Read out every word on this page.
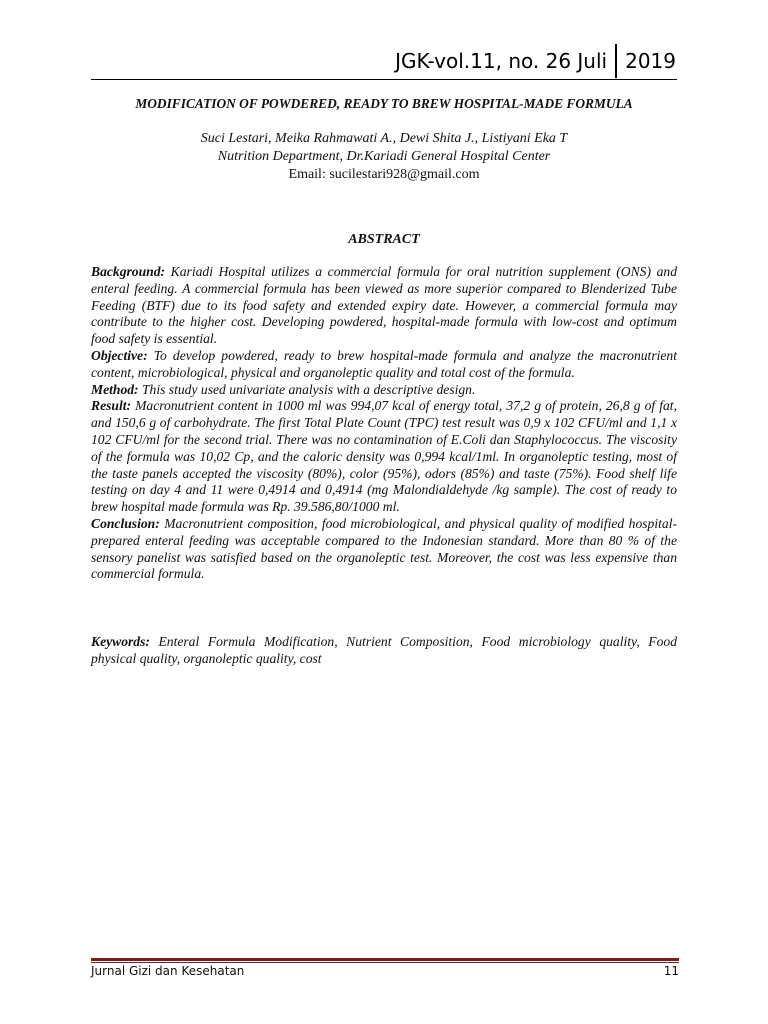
JGK-vol.11, no. 26 Juli 2019
MODIFICATION OF POWDERED, READY TO BREW HOSPITAL-MADE FORMULA
Suci Lestari, Meika Rahmawati A., Dewi Shita J., Listiyani Eka T
Nutrition Department, Dr.Kariadi General Hospital Center
Email: sucilestari928@gmail.com
ABSTRACT

Background: Kariadi Hospital utilizes a commercial formula for oral nutrition supplement (ONS) and enteral feeding. A commercial formula has been viewed as more superior compared to Blenderized Tube Feeding (BTF) due to its food safety and extended expiry date. However, a commercial formula may contribute to the higher cost. Developing powdered, hospital-made formula with low-cost and optimum food safety is essential.

Objective: To develop powdered, ready to brew hospital-made formula and analyze the macronutrient content, microbiological, physical and organoleptic quality and total cost of the formula.

Method: This study used univariate analysis with a descriptive design.

Result: Macronutrient content in 1000 ml was 994,07 kcal of energy total, 37,2 g of protein, 26,8 g of fat, and 150,6 g of carbohydrate. The first Total Plate Count (TPC) test result was 0,9 x 102 CFU/ml and 1,1 x 102 CFU/ml for the second trial. There was no contamination of E.Coli dan Staphylococcus. The viscosity of the formula was 10,02 Cp, and the caloric density was 0,994 kcal/1ml. In organoleptic testing, most of the taste panels accepted the viscosity (80%), color (95%), odors (85%) and taste (75%). Food shelf life testing on day 4 and 11 were 0,4914 and 0,4914 (mg Malondialdehyde /kg sample). The cost of ready to brew hospital made formula was Rp. 39.586,80/1000 ml.

Conclusion: Macronutrient composition, food microbiological, and physical quality of modified hospital-prepared enteral feeding was acceptable compared to the Indonesian standard. More than 80 % of the sensory panelist was satisfied based on the organoleptic test. Moreover, the cost was less expensive than commercial formula.

Keywords: Enteral Formula Modification, Nutrient Composition, Food microbiology quality, Food physical quality, organoleptic quality, cost
Jurnal Gizi dan Kesehatan	11
